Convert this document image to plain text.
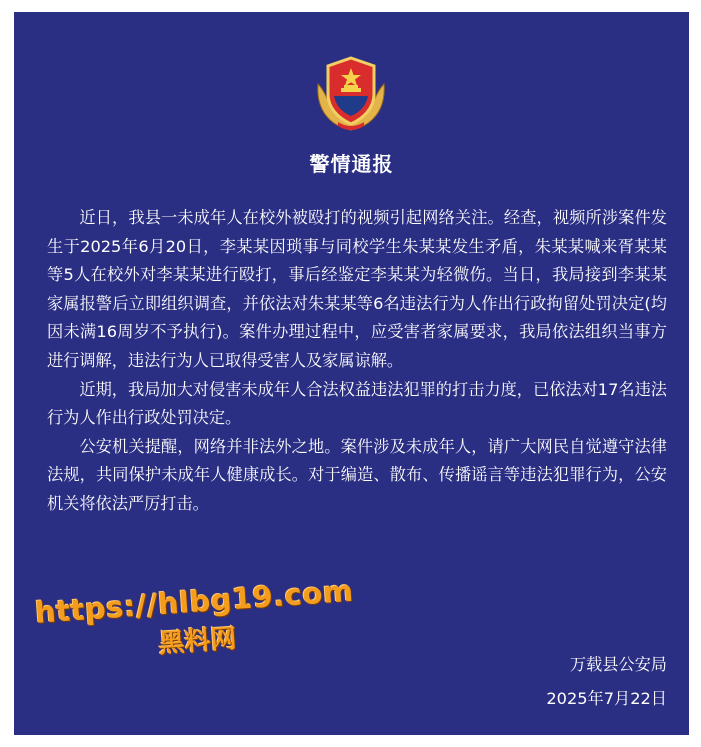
警情通报

近日，我县一未成年人在校外被殴打的视频引起网络关注。经查，视频所涉案件发生于2025年6月20日，李某某因琐事与同校学生朱某某发生矛盾，朱某某喊来胥某某等5人在校外对李某某进行殴打，事后经鉴定李某某为轻微伤。当日，我局接到李某某家属报警后立即组织调查，并依法对朱某某等6名违法行为人作出行政拘留处罚决定(均因未满16周岁不予执行)。案件办理过程中，应受害者家属要求，我局依法组织当事方进行调解，违法行为人已取得受害人及家属谅解。

近期，我局加大对侵害未成年人合法权益违法犯罪的打击力度，已依法对17名违法行为人作出行政处罚决定。

公安机关提醒，网络并非法外之地。案件涉及未成年人，请广大网民自觉遵守法律法规，共同保护未成年人健康成长。对于编造、散布、传播谣言等违法犯罪行为，公安机关将依法严厉打击。

万载县公安局
2025年7月22日
https://hlbg19.com
黑料网
